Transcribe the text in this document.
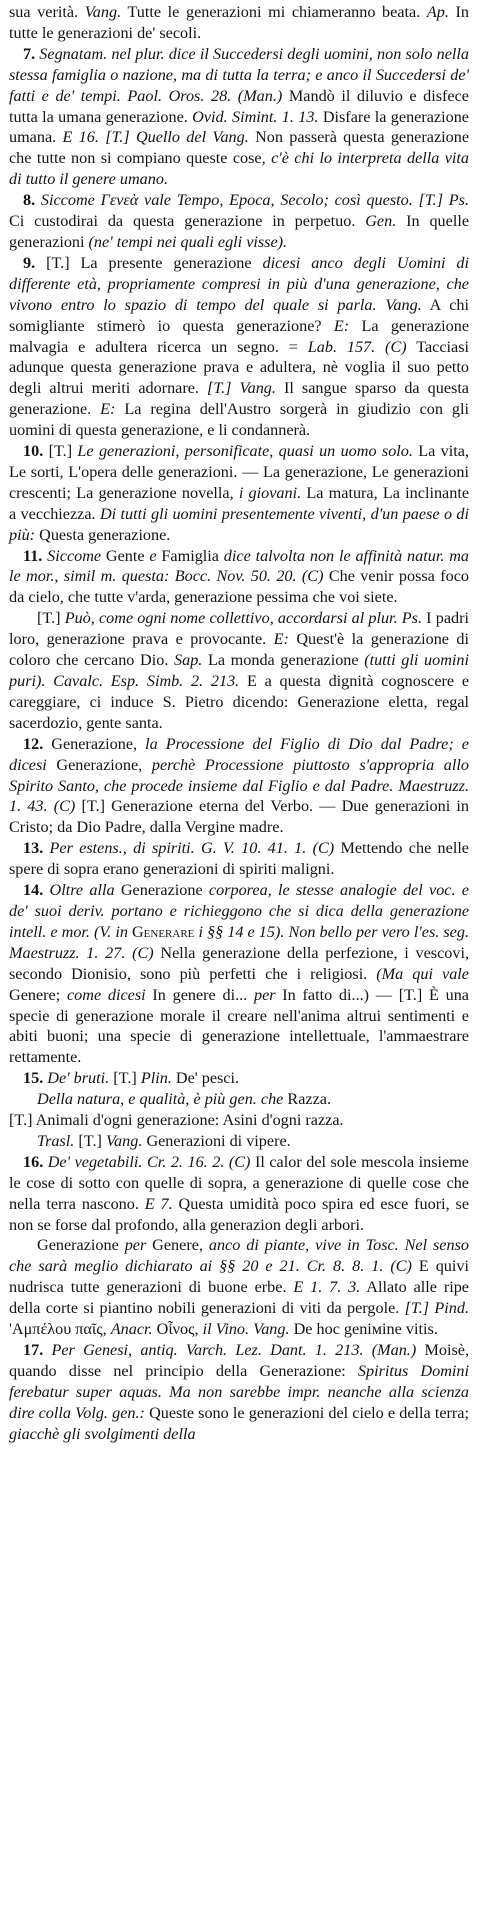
sua verità. Vang. Tutte le generazioni mi chiameranno beata. Ap. In tutte le generazioni de' secoli.

7. Segnatam. nel plur. dice il Succedersi degli uomini, non solo nella stessa famiglia o nazione, ma di tutta la terra; e anco il Succedersi de' fatti e de' tempi. Paol. Oros. 28. (Man.) Mandò il diluvio e disfece tutta la umana generazione. Ovid. Simint. 1. 13. Disfare la generazione umana. E 16. [T.] Quello del Vang. Non passerà questa generazione che tutte non si compiano queste cose, c'è chi lo interpreta della vita di tutto il genere umano.

8. Siccome Γενεὰ vale Tempo, Epoca, Secolo; così questo. [T.] Ps. Ci custodirai da questa generazione in perpetuo. Gen. In quelle generazioni (ne' tempi nei quali egli visse).

9. [T.] La presente generazione dicesi anco degli Uomini di differente età, propriamente compresi in più d'una generazione, che vivono entro lo spazio di tempo del quale si parla. Vang. A chi somigliante stimerò io questa generazione? E: La generazione malvagia e adultera ricerca un segno. = Lab. 157. (C) Tacciasi adunque questa generazione prava e adultera, nè voglia il suo petto degli altrui meriti adornare. [T.] Vang. Il sangue sparso da questa generazione. E: La regina dell'Austro sorgerà in giudizio con gli uomini di questa generazione, e li condannerà.

10. [T.] Le generazioni, personificate, quasi un uomo solo. La vita, Le sorti, L'opera delle generazioni. — La generazione, Le generazioni crescenti; La generazione novella, i giovani. La matura, La inclinante a vecchiezza. Di tutti gli uomini presentemente viventi, d'un paese o di più: Questa generazione.

11. Siccome Gente e Famiglia dice talvolta non le affinità natur. ma le mor., simil m. questa: Bocc. Nov. 50. 20. (C) Che venir possa foco da cielo, che tutte v'arda, generazione pessima che voi siete.

[T.] Può, come ogni nome collettivo, accordarsi al plur. Ps. I padri loro, generazione prava e provocante. E: Quest'è la generazione di coloro che cercano Dio. Sap. La monda generazione (tutti gli uomini puri). Cavalc. Esp. Simb. 2. 213. E a questa dignità cognoscere e careggiare, ci induce S. Pietro dicendo: Generazione eletta, regal sacerdozio, gente santa.

12. Generazione, la Processione del Figlio di Dio dal Padre; e dicesi Generazione, perchè Processione piuttosto s'appropria allo Spirito Santo, che procede insieme dal Figlio e dal Padre. Maestruzz. 1. 43. (C) [T.] Generazione eterna del Verbo. — Due generazioni in Cristo; da Dio Padre, dalla Vergine madre.

13. Per estens., di spiriti. G. V. 10. 41. 1. (C) Mettendo che nelle spere di sopra erano generazioni di spiriti maligni.

14. Oltre alla Generazione corporea, le stesse analogie del voc. e de' suoi deriv. portano e richieggono che si dica della generazione intell. e mor. (V. in Generare i §§ 14 e 15). Non bello per vero l'es. seg. Maestruzz. 1. 27. (C) Nella generazione della perfezione, i vescovi, secondo Dionisio, sono più perfetti che i religiosi. (Ma qui vale Genere; come dicesi In genere di... per In fatto di...) — [T.] È una specie di generazione morale il creare nell'anima altrui sentimenti e abiti buoni; una specie di generazione intellettuale, l'ammaestrare rettamente.

15. De' bruti. [T.] Plin. De' pesci.

Della natura, e qualità, è più gen. che Razza.

[T.] Animali d'ogni generazione: Asini d'ogni razza.

Trasl. [T.] Vang. Generazioni di vipere.

16. De' vegetabili. Cr. 2. 16. 2. (C) Il calor del sole mescola insieme le cose di sotto con quelle di sopra, a generazione di quelle cose che nella terra nascono. E 7. Questa umidità poco spira ed esce fuori, se non se forse dal profondo, alla generazion degli arbori.

Generazione per Genere, anco di piante, vive in Tosc. Nel senso che sarà meglio dichiarato ai §§ 20 e 21. Cr. 8. 8. 1. (C) E quivi nudrisca tutte generazioni di buone erbe. E 1. 7. 3. Allato alle ripe della corte si piantino nobili generazioni di viti da pergole. [T.] Pind. 'Αμπέλου παῖς, Anacr. Οἶνος, il Vino. Vang. De hoc geniмine vitis.

17. Per Genesi, antiq. Varch. Lez. Dant. 1. 213. (Man.) Moisè, quando disse nel principio della Generazione: Spiritus Domini ferebatur super aquas. Ma non sarebbe impr. neanche alla scienza dire colla Volg. gen.: Queste sono le generazioni del cielo e della terra; giacchè gli svolgimenti della
